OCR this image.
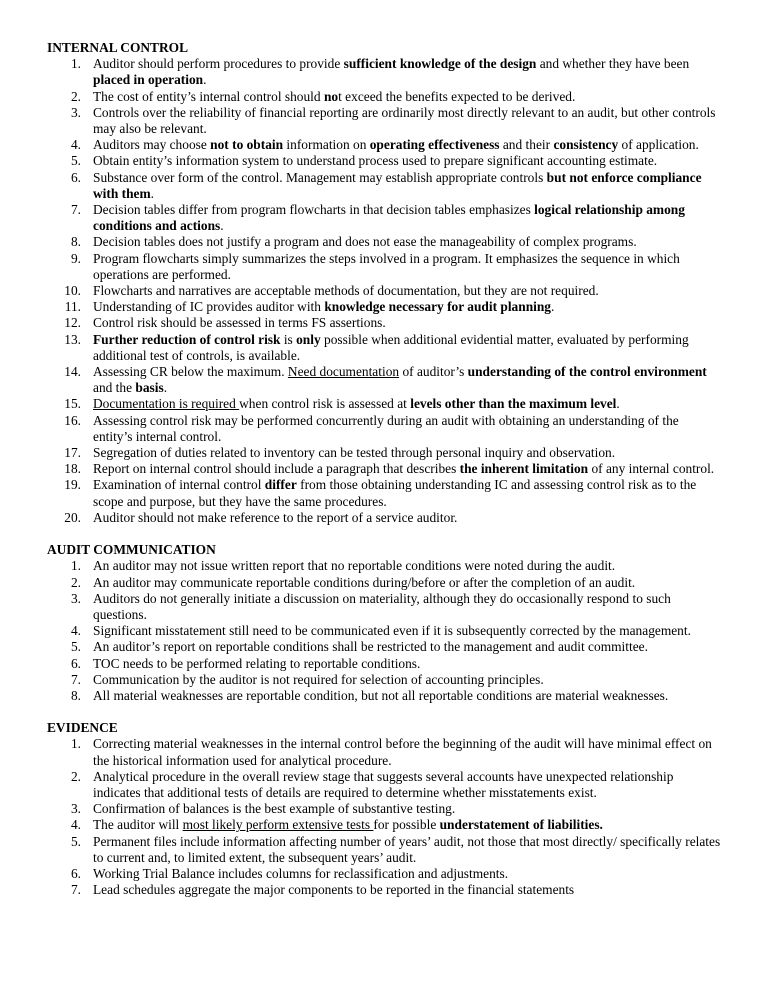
INTERNAL CONTROL
1. Auditor should perform procedures to provide sufficient knowledge of the design and whether they have been placed in operation.
2. The cost of entity’s internal control should not exceed the benefits expected to be derived.
3. Controls over the reliability of financial reporting are ordinarily most directly relevant to an audit, but other controls may also be relevant.
4. Auditors may choose not to obtain information on operating effectiveness and their consistency of application.
5. Obtain entity’s information system to understand process used to prepare significant accounting estimate.
6. Substance over form of the control. Management may establish appropriate controls but not enforce compliance with them.
7. Decision tables differ from program flowcharts in that decision tables emphasizes logical relationship among conditions and actions.
8. Decision tables does not justify a program and does not ease the manageability of complex programs.
9. Program flowcharts simply summarizes the steps involved in a program. It emphasizes the sequence in which operations are performed.
10. Flowcharts and narratives are acceptable methods of documentation, but they are not required.
11. Understanding of IC provides auditor with knowledge necessary for audit planning.
12. Control risk should be assessed in terms FS assertions.
13. Further reduction of control risk is only possible when additional evidential matter, evaluated by performing additional test of controls, is available.
14. Assessing CR below the maximum. Need documentation of auditor’s understanding of the control environment and the basis.
15. Documentation is required when control risk is assessed at levels other than the maximum level.
16. Assessing control risk may be performed concurrently during an audit with obtaining an understanding of the entity’s internal control.
17. Segregation of duties related to inventory can be tested through personal inquiry and observation.
18. Report on internal control should include a paragraph that describes the inherent limitation of any internal control.
19. Examination of internal control differ from those obtaining understanding IC and assessing control risk as to the scope and purpose, but they have the same procedures.
20. Auditor should not make reference to the report of a service auditor.
AUDIT COMMUNICATION
1. An auditor may not issue written report that no reportable conditions were noted during the audit.
2. An auditor may communicate reportable conditions during/before or after the completion of an audit.
3. Auditors do not generally initiate a discussion on materiality, although they do occasionally respond to such questions.
4. Significant misstatement still need to be communicated even if it is subsequently corrected by the management.
5. An auditor’s report on reportable conditions shall be restricted to the management and audit committee.
6. TOC needs to be performed relating to reportable conditions.
7. Communication by the auditor is not required for selection of accounting principles.
8. All material weaknesses are reportable condition, but not all reportable conditions are material weaknesses.
EVIDENCE
1. Correcting material weaknesses in the internal control before the beginning of the audit will have minimal effect on the historical information used for analytical procedure.
2. Analytical procedure in the overall review stage that suggests several accounts have unexpected relationship indicates that additional tests of details are required to determine whether misstatements exist.
3. Confirmation of balances is the best example of substantive testing.
4. The auditor will most likely perform extensive tests for possible understatement of liabilities.
5. Permanent files include information affecting number of years’ audit, not those that most directly/ specifically relates to current and, to limited extent, the subsequent years’ audit.
6. Working Trial Balance includes columns for reclassification and adjustments.
7. Lead schedules aggregate the major components to be reported in the financial statements
